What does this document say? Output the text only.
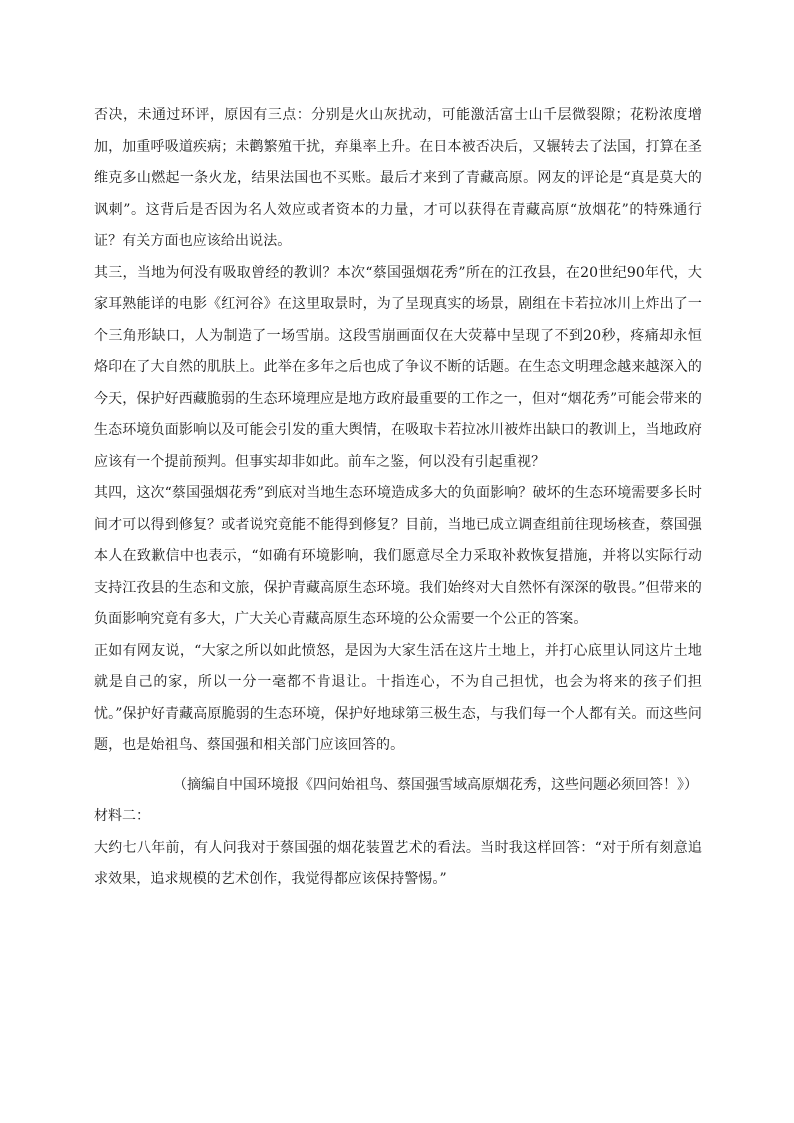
否决，未通过环评，原因有三点：分别是火山灰扰动，可能激活富士山千层微裂隙；花粉浓度增加，加重呼吸道疾病；未鹳繁殖干扰，弃巢率上升。在日本被否决后，又辗转去了法国，打算在圣维克多山燃起一条火龙，结果法国也不买账。最后才来到了青藏高原。网友的评论是“真是莫大的讽刺”。这背后是否因为名人效应或者资本的力量，才可以获得在青藏高原“放烟花”的特殊通行证？有关方面也应该给出说法。

其三，当地为何没有吸取曾经的教训？本次“蔡国强烟花秀”所在的江孜县，在20世纪90年代，大家耳熟能详的电影《红河谷》在这里取景时，为了呈现真实的场景，剧组在卡若拉冰川上炸出了一个三角形缺口，人为制造了一场雪崩。这段雪崩画面仅在大荧幕中呈现了不到20秒，疼痛却永恒烙印在了大自然的肌肤上。此举在多年之后也成了争议不断的话题。在生态文明理念越来越深入的今天，保护好西藏脆弱的生态环境理应是地方政府最重要的工作之一，但对“烟花秀”可能会带来的生态环境负面影响以及可能会引发的重大舆情，在吸取卡若拉冰川被炸出缺口的教训上，当地政府应该有一个提前预判。但事实却非如此。前车之鉴，何以没有引起重视？

其四，这次“蔡国强烟花秀”到底对当地生态环境造成多大的负面影响？破坏的生态环境需要多长时间才可以得到修复？或者说究竟能不能得到修复？目前，当地已成立调查组前往现场核查，蔡国强本人在致歉信中也表示，“如确有环境影响，我们愿意尽全力采取补救恢复措施，并将以实际行动支持江孜县的生态和文旅，保护青藏高原生态环境。我们始终对大自然怀有深深的敬畏。”但带来的负面影响究竟有多大，广大关心青藏高原生态环境的公众需要一个公正的答案。

正如有网友说，“大家之所以如此愤怒，是因为大家生活在这片土地上，并打心底里认同这片土地就是自己的家，所以一分一毫都不肯退让。十指连心，不为自己担忧，也会为将来的孩子们担忧。”保护好青藏高原脆弱的生态环境，保护好地球第三极生态，与我们每一个人都有关。而这些问题，也是始祖鸟、蔡国强和相关部门应该回答的。

（摘编自中国环境报《四问始祖鸟、蔡国强雪域高原烟花秀，这些问题必须回答！》）

材料二：

大约七八年前，有人问我对于蔡国强的烟花装置艺术的看法。当时我这样回答：“对于所有刻意追求效果，追求规模的艺术创作，我觉得都应该保持警惕。”
